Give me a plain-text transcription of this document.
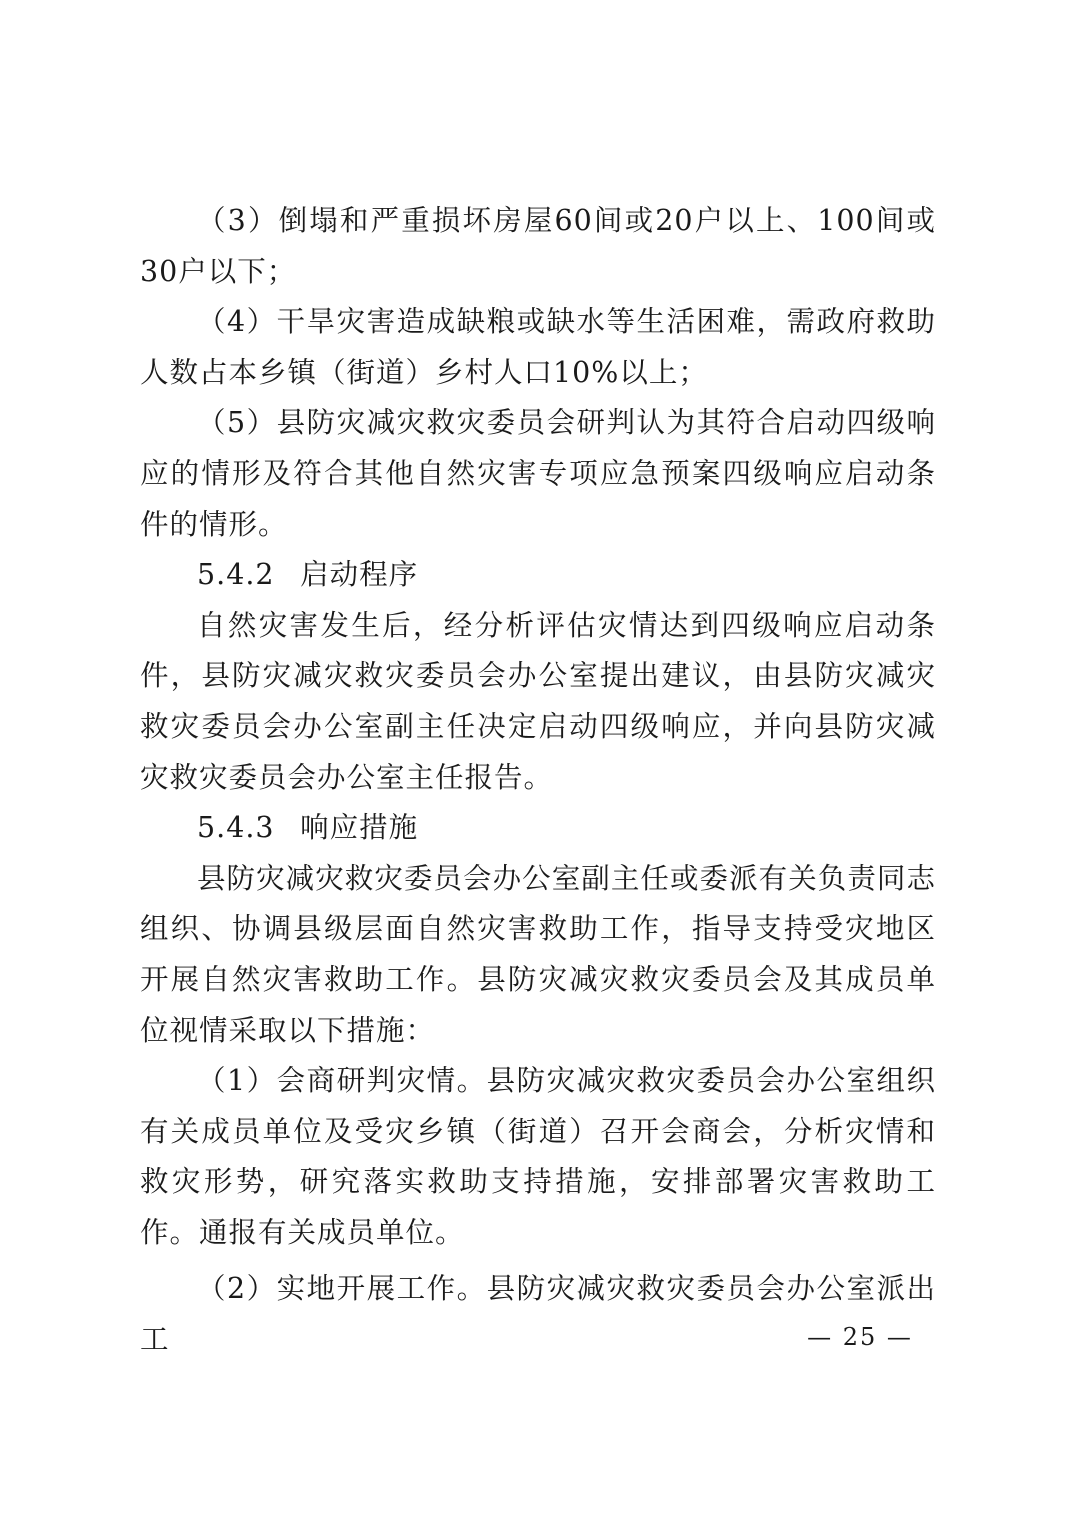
（3）倒塌和严重损坏房屋60间或20户以上、100间或30户以下；

（4）干旱灾害造成缺粮或缺水等生活困难，需政府救助人数占本乡镇（街道）乡村人口10%以上；

（5）县防灾减灾救灾委员会研判认为其符合启动四级响应的情形及符合其他自然灾害专项应急预案四级响应启动条件的情形。

5.4.2 启动程序

自然灾害发生后，经分析评估灾情达到四级响应启动条件，县防灾减灾救灾委员会办公室提出建议，由县防灾减灾救灾委员会办公室副主任决定启动四级响应，并向县防灾减灾救灾委员会办公室主任报告。

5.4.3 响应措施

县防灾减灾救灾委员会办公室副主任或委派有关负责同志组织、协调县级层面自然灾害救助工作，指导支持受灾地区开展自然灾害救助工作。县防灾减灾救灾委员会及其成员单位视情采取以下措施：

（1）会商研判灾情。县防灾减灾救灾委员会办公室组织有关成员单位及受灾乡镇（街道）召开会商会，分析灾情和救灾形势，研究落实救助支持措施，安排部署灾害救助工作。通报有关成员单位。

（2）实地开展工作。县防灾减灾救灾委员会办公室派出工	— 25 —
